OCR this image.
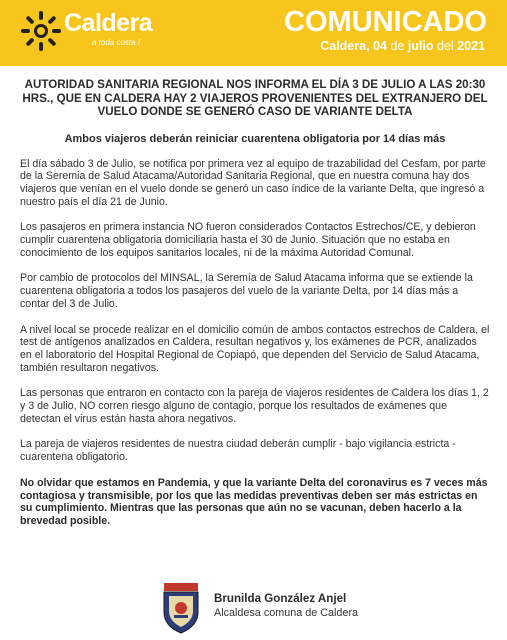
Caldera
a toda costa !
COMUNICADO
Caldera, 04 de julio del 2021

AUTORIDAD SANITARIA REGIONAL NOS INFORMA EL DÍA 3 DE JULIO A LAS 20:30 HRS., QUE EN CALDERA HAY 2 VIAJEROS PROVENIENTES DEL EXTRANJERO DEL VUELO DONDE SE GENERÓ CASO DE VARIANTE DELTA

Ambos viajeros deberán reiniciar cuarentena obligatoria por 14 días más

El día sábado 3 de Julio, se notifica por primera vez al equipo de trazabilidad del Cesfam, por parte de la Seremia de Salud Atacama/Autoridad Sanitaria Regional, que en nuestra comuna hay dos viajeros que venían en el vuelo donde se generó un caso índice de la variante Delta, que ingresó a nuestro país el día 21 de Junio.

Los pasajeros en primera instancia NO fueron considerados Contactos Estrechos/CE, y debieron cumplir cuarentena obligatoria domiciliaria hasta el 30 de Junio. Situación que no estaba en conocimiento de los equipos sanitarios locales, ni de la máxima Autoridad Comunal.

Por cambio de protocolos del MINSAL, la Seremía de Salud Atacama informa que se extiende la cuarentena obligatoria a todos los pasajeros del vuelo de la variante Delta, por 14 días más a contar del 3 de Julio.

A nivel local se procede realizar en el domicilio común de ambos contactos estrechos de Caldera, el test de antígenos analizados en Caldera, resultan negativos y, los exámenes de PCR, analizados en el laboratorio del Hospital Regional de Copiapó, que dependen del Servicio de Salud Atacama, también resultaron negativos.

Las personas que entraron en contacto con la pareja de viajeros residentes de Caldera los días 1, 2 y 3 de Julio, NO corren riesgo alguno de contagio, porque los resultados de exámenes que detectan el virus están hasta ahora negativos.

La pareja de viajeros residentes de nuestra ciudad deberán cumplir - bajo vigilancia estricta - cuarentena obligatorio.

No olvidar que estamos en Pandemia, y que la variante Delta del coronavirus es 7 veces más contagiosa y transmisible, por los que las medidas preventivas deben ser más estrictas en su cumplimiento. Mientras que las personas que aún no se vacunan, deben hacerlo a la brevedad posible.

Brunilda González Anjel
Alcaldesa comuna de Caldera
